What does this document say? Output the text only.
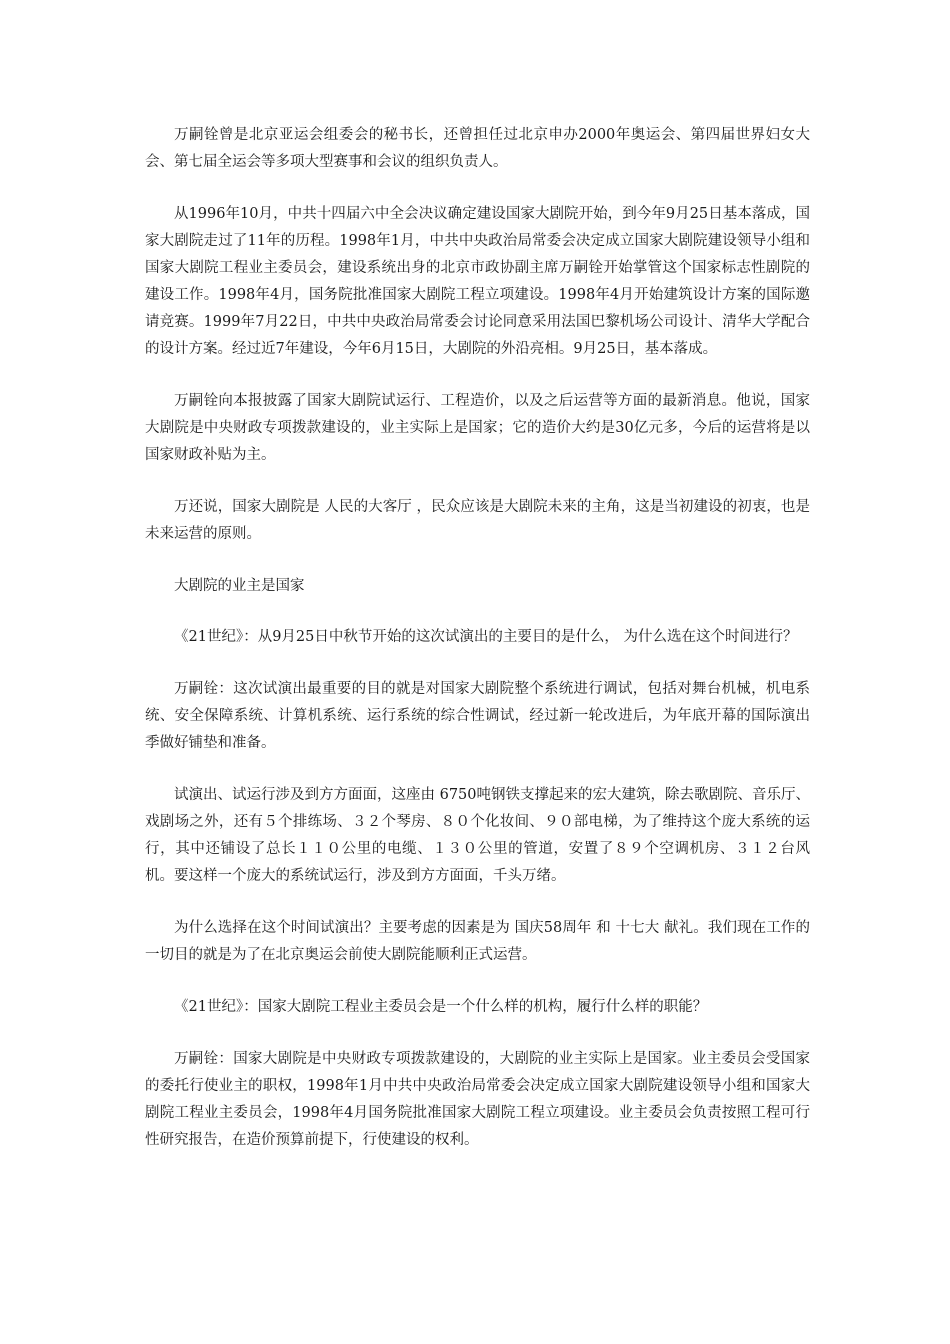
万嗣铨曾是北京亚运会组委会的秘书长，还曾担任过北京申办2000年奥运会、第四届世界妇女大会、第七届全运会等多项大型赛事和会议的组织负责人。

从1996年10月，中共十四届六中全会决议确定建设国家大剧院开始，到今年9月25日基本落成，国家大剧院走过了11年的历程。1998年1月，中共中央政治局常委会决定成立国家大剧院建设领导小组和国家大剧院工程业主委员会，建设系统出身的北京市政协副主席万嗣铨开始掌管这个国家标志性剧院的建设工作。1998年4月，国务院批准国家大剧院工程立项建设。1998年4月开始建筑设计方案的国际邀请竞赛。1999年7月22日，中共中央政治局常委会讨论同意采用法国巴黎机场公司设计、清华大学配合的设计方案。经过近7年建设，今年6月15日，大剧院的外沿亮相。9月25日，基本落成。

万嗣铨向本报披露了国家大剧院试运行、工程造价，以及之后运营等方面的最新消息。他说，国家大剧院是中央财政专项拨款建设的，业主实际上是国家；它的造价大约是30亿元多，今后的运营将是以国家财政补贴为主。

万还说，国家大剧院是 人民的大客厅 ，民众应该是大剧院未来的主角，这是当初建设的初衷，也是未来运营的原则。

大剧院的业主是国家

《21世纪》：从9月25日中秋节开始的这次试演出的主要目的是什么， 为什么选在这个时间进行？

万嗣铨：这次试演出最重要的目的就是对国家大剧院整个系统进行调试，包括对舞台机械，机电系统、安全保障系统、计算机系统、运行系统的综合性调试，经过新一轮改进后，为年底开幕的国际演出季做好铺垫和准备。

试演出、试运行涉及到方方面面，这座由 6750吨钢铁支撑起来的宏大建筑，除去歌剧院、音乐厅、戏剧场之外，还有５个排练场、３２个琴房、８０个化妆间、９０部电梯，为了维持这个庞大系统的运行，其中还铺设了总长１１０公里的电缆、１３０公里的管道，安置了８９个空调机房、３１２台风机。要这样一个庞大的系统试运行，涉及到方方面面，千头万绪。

为什么选择在这个时间试演出？主要考虑的因素是为 国庆58周年 和 十七大 献礼。我们现在工作的一切目的就是为了在北京奥运会前使大剧院能顺利正式运营。

《21世纪》：国家大剧院工程业主委员会是一个什么样的机构，履行什么样的职能？

万嗣铨：国家大剧院是中央财政专项拨款建设的，大剧院的业主实际上是国家。业主委员会受国家的委托行使业主的职权，1998年1月中共中央政治局常委会决定成立国家大剧院建设领导小组和国家大剧院工程业主委员会，1998年4月国务院批准国家大剧院工程立项建设。业主委员会负责按照工程可行性研究报告，在造价预算前提下，行使建设的权利。
